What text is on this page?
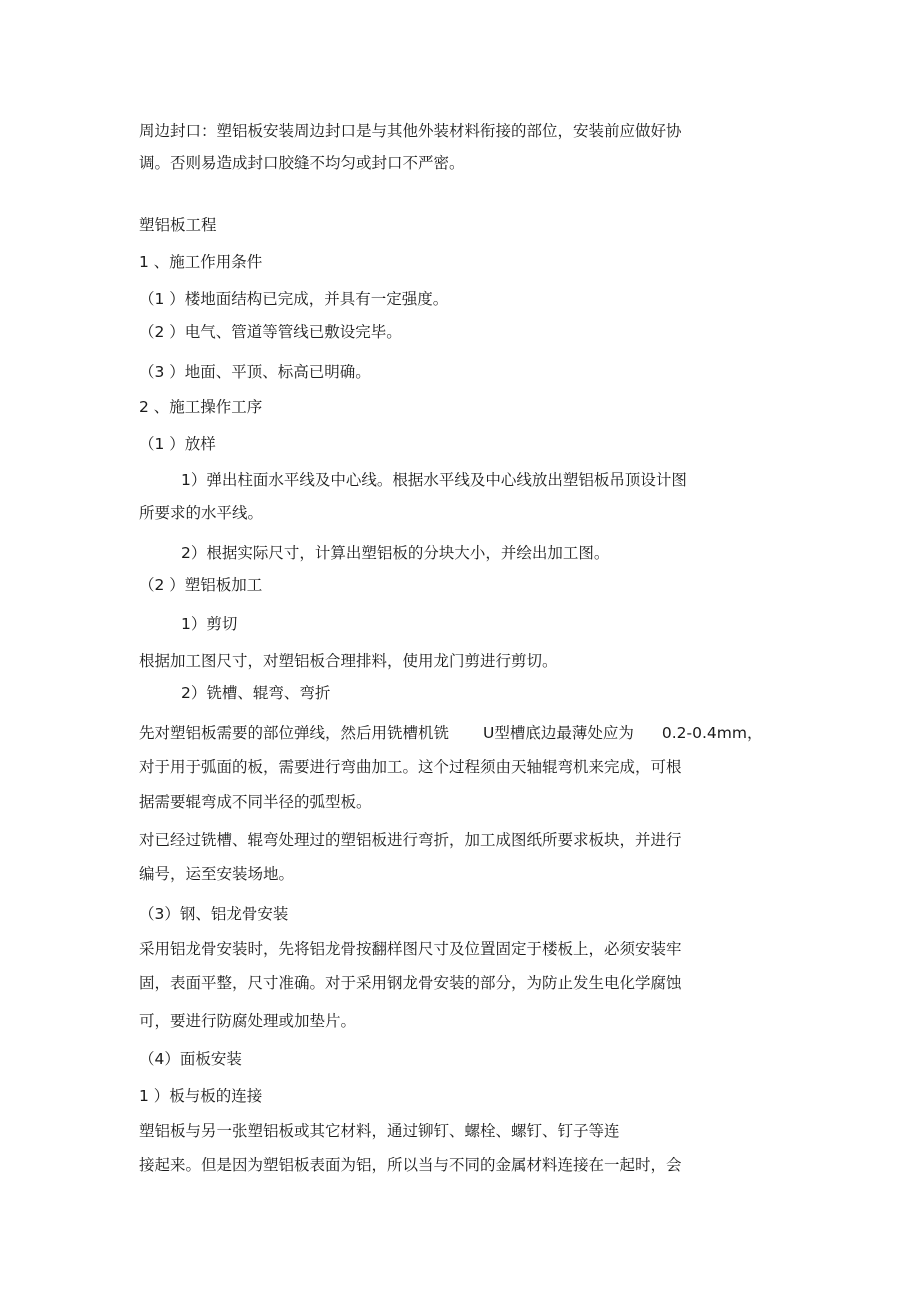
周边封口：塑铝板安装周边封口是与其他外装材料衔接的部位，安装前应做好协
调。否则易造成封口胶缝不均匀或封口不严密。
塑铝板工程
1 、施工作用条件
（1 ）楼地面结构已完成，并具有一定强度。
（2 ）电气、管道等管线已敷设完毕。
（3 ）地面、平顶、标高已明确。
2 、施工操作工序
（1 ）放样
1）弹出柱面水平线及中心线。根据水平线及中心线放出塑铝板吊顶设计图
所要求的水平线。
2）根据实际尺寸，计算出塑铝板的分块大小，并绘出加工图。
（2 ）塑铝板加工
1）剪切
根据加工图尺寸，对塑铝板合理排料，使用龙门剪进行剪切。
2）铣槽、辊弯、弯折
先对塑铝板需要的部位弹线，然后用铣槽机铣 U型槽底边最薄处应为 0.2-0.4mm，
对于用于弧面的板，需要进行弯曲加工。这个过程须由天轴辊弯机来完成，可根
据需要辊弯成不同半径的弧型板。
对已经过铣槽、辊弯处理过的塑铝板进行弯折，加工成图纸所要求板块，并进行
编号，运至安装场地。
（3）钢、铝龙骨安装
采用铝龙骨安装时，先将铝龙骨按翻样图尺寸及位置固定于楼板上，必须安装牢
固，表面平整，尺寸准确。对于采用钢龙骨安装的部分，为防止发生电化学腐蚀
可，要进行防腐处理或加垫片。
（4）面板安装
1 ）板与板的连接
塑铝板与另一张塑铝板或其它材料，通过铆钉、螺栓、螺钉、钉子等连
接起来。但是因为塑铝板表面为铝，所以当与不同的金属材料连接在一起时，会
